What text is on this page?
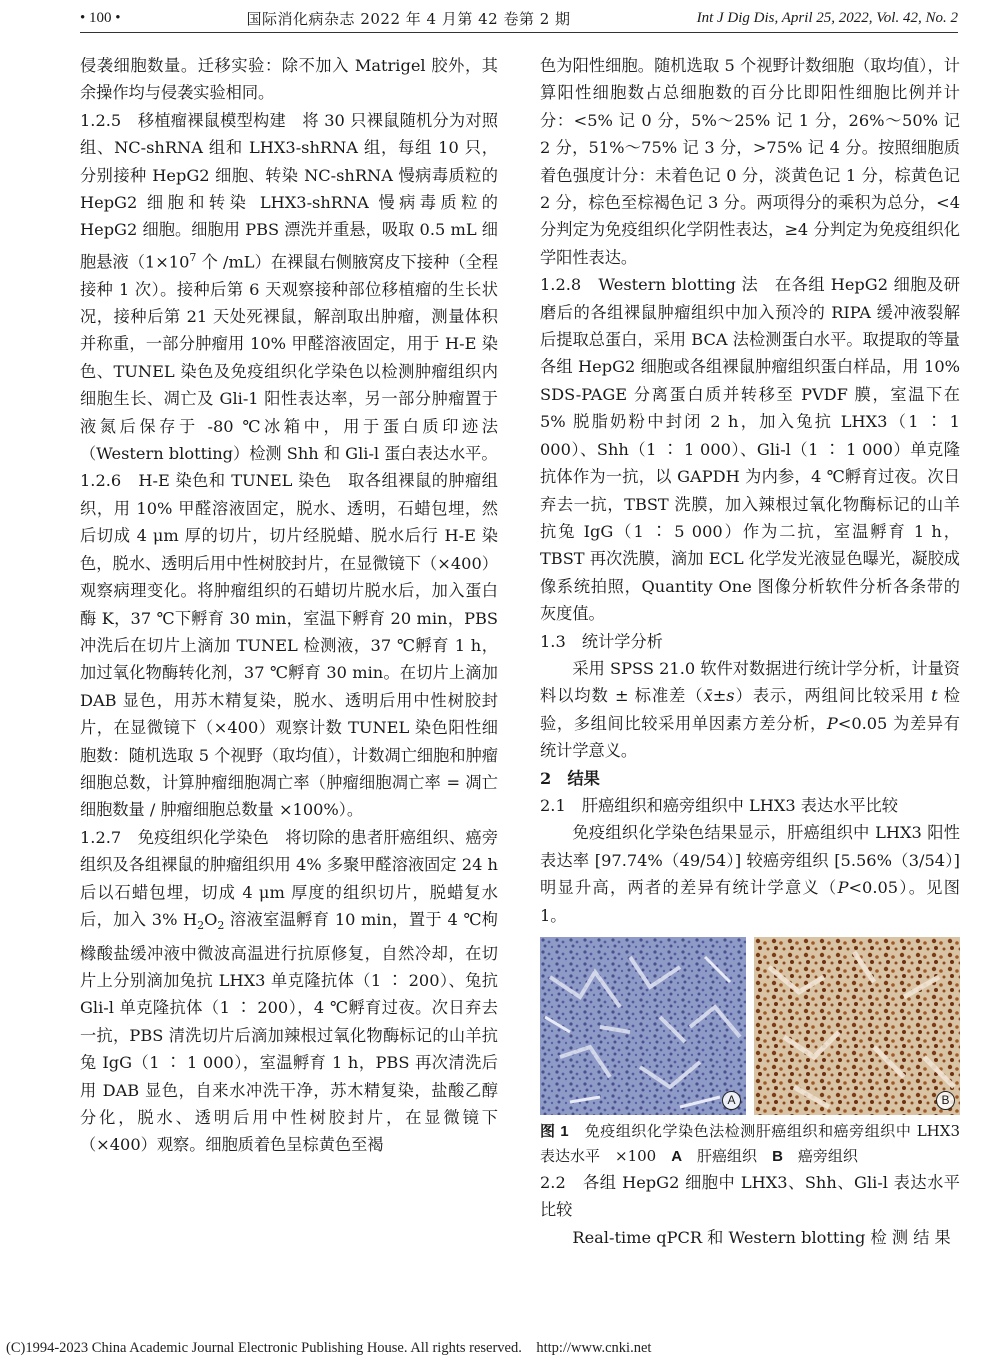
• 100 •	国际消化病杂志 2022 年 4 月第 42 卷第 2 期	Int J Dig Dis, April 25, 2022, Vol. 42, No. 2

侵袭细胞数量。迁移实验：除不加入 Matrigel 胶外，其余操作均与侵袭实验相同。

1.2.5　移植瘤裸鼠模型构建　将 30 只裸鼠随机分为对照组、NC-shRNA 组和 LHX3-shRNA 组，每组 10 只，分别接种 HepG2 细胞、转染 NC-shRNA 慢病毒质粒的 HepG2 细胞和转染 LHX3-shRNA 慢病毒质粒的 HepG2 细胞。细胞用 PBS 漂洗并重悬，吸取 0.5 mL 细胞悬液（$1\times 10^7$ 个 /mL）在裸鼠右侧腋窝皮下接种（全程接种 1 次）。接种后第 6 天观察接种部位移植瘤的生长状况，接种后第 21 天处死裸鼠，解剖取出肿瘤，测量体积并称重，一部分肿瘤用 10% 甲醛溶液固定，用于 H-E 染色、TUNEL 染色及免疫组织化学染色以检测肿瘤组织内细胞生长、凋亡及 Gli-1 阳性表达率，另一部分肿瘤置于液氮后保存于 -80 ℃冰箱中，用于蛋白质印迹法（Western blotting）检测 Shh 和 Gli-l 蛋白表达水平。

1.2.6　H-E 染色和 TUNEL 染色　取各组裸鼠的肿瘤组织，用 10% 甲醛溶液固定，脱水、透明，石蜡包埋，然后切成 4 μm 厚的切片，切片经脱蜡、脱水后行 H-E 染色，脱水、透明后用中性树胶封片，在显微镜下（×400）观察病理变化。将肿瘤组织的石蜡切片脱水后，加入蛋白酶 K，37 ℃下孵育 30 min，室温下孵育 20 min，PBS 冲洗后在切片上滴加 TUNEL 检测液，37 ℃孵育 1 h，加过氧化物酶转化剂，37 ℃孵育 30 min。在切片上滴加 DAB 显色，用苏木精复染，脱水、透明后用中性树胶封片，在显微镜下（×400）观察计数 TUNEL 染色阳性细胞数：随机选取 5 个视野（取均值），计数凋亡细胞和肿瘤细胞总数，计算肿瘤细胞凋亡率（肿瘤细胞凋亡率 = 凋亡细胞数量 / 肿瘤细胞总数量 ×100%）。

1.2.7　免疫组织化学染色　将切除的患者肝癌组织、癌旁组织及各组裸鼠的肿瘤组织用 4% 多聚甲醛溶液固定 24 h 后以石蜡包埋，切成 4 μm 厚度的组织切片，脱蜡复水后，加入 3% $H_2O_2$ 溶液室温孵育 10 min，置于 4 ℃枸橼酸盐缓冲液中微波高温进行抗原修复，自然冷却，在切片上分别滴加兔抗 LHX3 单克隆抗体（1 ∶ 200）、兔抗 Gli-l 单克隆抗体（1 ∶ 200），4 ℃孵育过夜。次日弃去一抗，PBS 清洗切片后滴加辣根过氧化物酶标记的山羊抗兔 IgG（1 ∶ 1 000），室温孵育 1 h，PBS 再次清洗后用 DAB 显色，自来水冲洗干净，苏木精复染，盐酸乙醇分化，脱水、透明后用中性树胶封片，在显微镜下（×400）观察。细胞质着色呈棕黄色至褐

色为阳性细胞。随机选取 5 个视野计数细胞（取均值），计算阳性细胞数占总细胞数的百分比即阳性细胞比例并计分：<5% 记 0 分，5%～25% 记 1 分，26%～50% 记 2 分，51%～75% 记 3 分，>75% 记 4 分。按照细胞质着色强度计分：未着色记 0 分，淡黄色记 1 分，棕黄色记 2 分，棕色至棕褐色记 3 分。两项得分的乘积为总分，<4 分判定为免疫组织化学阴性表达，≥4 分判定为免疫组织化学阳性表达。

1.2.8　Western blotting 法　在各组 HepG2 细胞及研磨后的各组裸鼠肿瘤组织中加入预冷的 RIPA 缓冲液裂解后提取总蛋白，采用 BCA 法检测蛋白水平。取提取的等量各组 HepG2 细胞或各组裸鼠肿瘤组织蛋白样品，用 10% SDS-PAGE 分离蛋白质并转移至 PVDF 膜，室温下在 5% 脱脂奶粉中封闭 2 h，加入兔抗 LHX3（1 ∶ 1 000）、Shh（1 ∶ 1 000）、Gli-l（1 ∶ 1 000）单克隆抗体作为一抗，以 GAPDH 为内参，4 ℃孵育过夜。次日弃去一抗，TBST 洗膜，加入辣根过氧化物酶标记的山羊抗兔 IgG（1 ∶ 5 000）作为二抗，室温孵育 1 h，TBST 再次洗膜，滴加 ECL 化学发光液显色曝光，凝胶成像系统拍照，Quantity One 图像分析软件分析各条带的灰度值。

1.3　统计学分析

采用 SPSS 21.0 软件对数据进行统计学分析，计量资料以均数 ± 标准差（x̄±s）表示，两组间比较采用 t 检验，多组间比较采用单因素方差分析，P<0.05 为差异有统计学意义。

2　结果

2.1　肝癌组织和癌旁组织中 LHX3 表达水平比较

免疫组织化学染色结果显示，肝癌组织中 LHX3 阳性表达率 [97.74%（49/54）] 较癌旁组织 [5.56%（3/54）] 明显升高，两者的差异有统计学意义（P<0.05）。见图 1。

A	B

图 1　免疫组织化学染色法检测肝癌组织和癌旁组织中 LHX3 表达水平　×100　A　肝癌组织　B　癌旁组织

2.2　各组 HepG2 细胞中 LHX3、Shh、Gli-l 表达水平比较

Real-time qPCR 和 Western blotting 检 测 结 果

(C)1994-2023 China Academic Journal Electronic Publishing House. All rights reserved.　http://www.cnki.net
